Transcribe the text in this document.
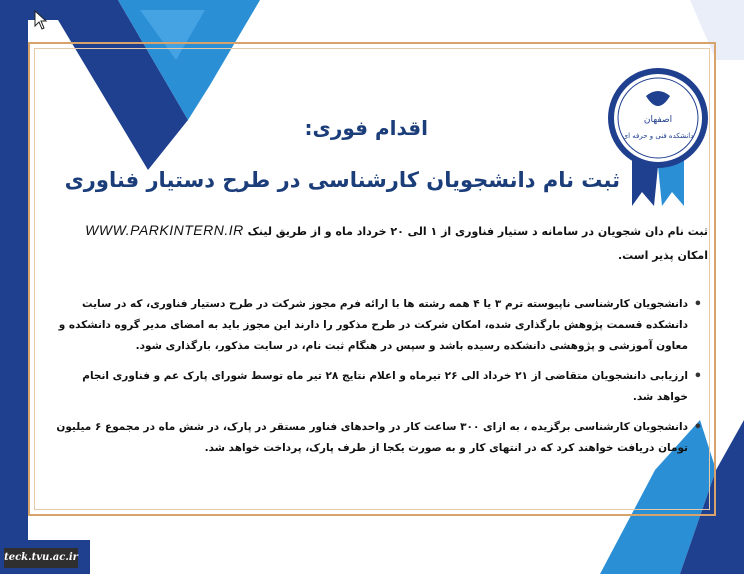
اصفهان
دانشکده فنی و حرفه ای
اقدام فوری:
ثبت نام دانشجویان کارشناسی در طرح دستیار فناوری

ثبت نام دا‌ن شجویان در سامانه د ستیار فناوری از ۱ الی ۲۰ خرداد ماه و از طریق لینک WWW.PARKINTERN.IR امکان پذیر است.

• دانشجویان کارشناسی ناپیوسته ترم ۳ یا ۴ همه رشته ها با ارائه فرم مجوز شرکت در طرح دستیار فناوری، که در سایت دانشکده قسمت پژوهش بارگذاری شده، امکان شرکت در طرح مذکور را دارند این مجوز باید به امضای مدیر گروه دانشکده و معاون آموزشی و پژوهشی دانشکده رسیده باشد و سپس در هنگام ثبت نام، در سایت مذکور، بارگذاری شود.
• ارزیابی دانشجویان متقاضی از ۲۱ خرداد الی ۲۶ تیرماه و اعلام نتایج ۲۸ تیر ماه توسط شورای پارک عم و فناوری انجام خواهد شد.
• دانشجویان کارشناسی برگزیده ، به ازای ۳۰۰ ساعت کار در واحدهای فناور مستقر در پارک، در شش ماه در مجموع ۶ میلیون تومان دریافت خواهند کرد که در انتهای کار و به صورت یکجا از طرف پارک، پرداخت خواهد شد.
teck.tvu.ac.ir
